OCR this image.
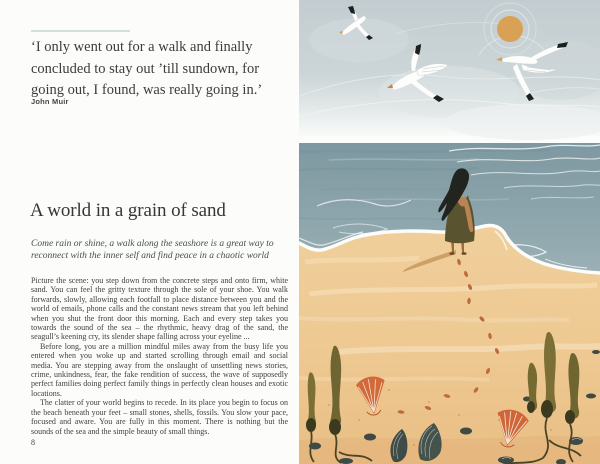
‘I only went out for a walk and finally
concluded to stay out ’till sundown, for
going out, I found, was really going in.’
John Muir
A world in a grain of sand
Come rain or shine, a walk along the seashore is a great way to
reconnect with the inner self and find peace in a chaotic world

Picture the scene: you step down from the concrete steps and onto firm, white sand. You can feel the gritty texture through the sole of your shoe. You walk forwards, slowly, allowing each footfall to place distance between you and the world of emails, phone calls and the constant news stream that you left behind when you shut the front door this morning. Each and every step takes you towards the sound of the sea – the rhythmic, heavy drag of the sand, the seagull’s keening cry, its slender shape falling across your eyeline ...

Before long, you are a million mindful miles away from the busy life you entered when you woke up and started scrolling through email and social media. You are stepping away from the onslaught of unsettling news stories, crime, unkindness, fear, the fake rendition of success, the wave of supposedly perfect families doing perfect family things in perfectly clean houses and exotic locations.

The clatter of your world begins to recede. In its place you begin to focus on the beach beneath your feet – small stones, shells, fossils. You slow your pace, focused and aware. You are fully in this moment. There is nothing but the sounds of the sea and the simple beauty of small things.

8
